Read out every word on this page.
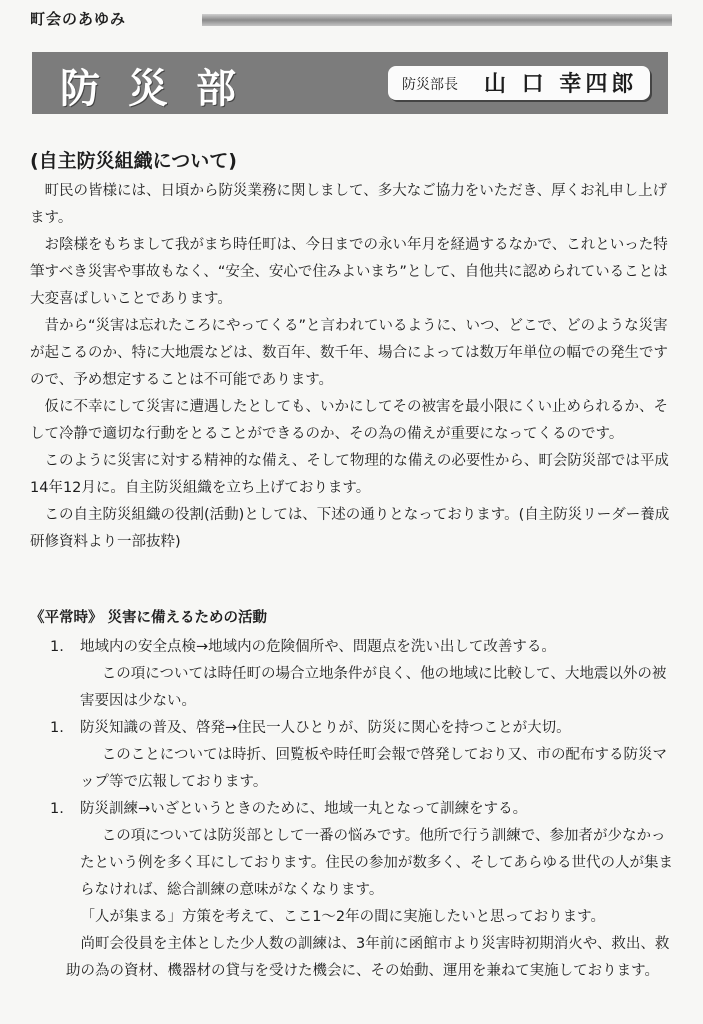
町会のあゆみ
防災部	防災部長 山 口 幸四郎
(自主防災組織について)

町民の皆様には、日頃から防災業務に関しまして、多大なご協力をいただき、厚くお礼申し上げます。

お陰様をもちまして我がまち時任町は、今日までの永い年月を経過するなかで、これといった特筆すべき災害や事故もなく、“安全、安心で住みよいまち”として、自他共に認められていることは大変喜ばしいことであります。

昔から“災害は忘れたころにやってくる”と言われているように、いつ、どこで、どのような災害が起こるのか、特に大地震などは、数百年、数千年、場合によっては数万年単位の幅での発生ですので、予め想定することは不可能であります。

仮に不幸にして災害に遭遇したとしても、いかにしてその被害を最小限にくい止められるか、そして冷静で適切な行動をとることができるのか、その為の備えが重要になってくるのです。

このように災害に対する精神的な備え、そして物理的な備えの必要性から、町会防災部では平成14年12月に。自主防災組織を立ち上げております。

この自主防災組織の役割(活動)としては、下述の通りとなっております。(自主防災リーダー養成研修資料より一部抜粋)

《平常時》 災害に備えるための活動
1.	地域内の安全点検→地域内の危険個所や、問題点を洗い出して改善する。

この項については時任町の場合立地条件が良く、他の地域に比較して、大地震以外の被害要因は少ない。

1.	防災知識の普及、啓発→住民一人ひとりが、防災に関心を持つことが大切。

このことについては時折、回覧板や時任町会報で啓発しており又、市の配布する防災マップ等で広報しております。

1.	防災訓練→いざというときのために、地域一丸となって訓練をする。

この項については防災部として一番の悩みです。他所で行う訓練で、参加者が少なかったという例を多く耳にしております。住民の参加が数多く、そしてあらゆる世代の人が集まらなければ、総合訓練の意味がなくなります。

「人が集まる」方策を考えて、ここ1〜2年の間に実施したいと思っております。

尚町会役員を主体とした少人数の訓練は、3年前に函館市より災害時初期消火や、救出、救助の為の資材、機器材の貸与を受けた機会に、その始動、運用を兼ねて実施しております。
